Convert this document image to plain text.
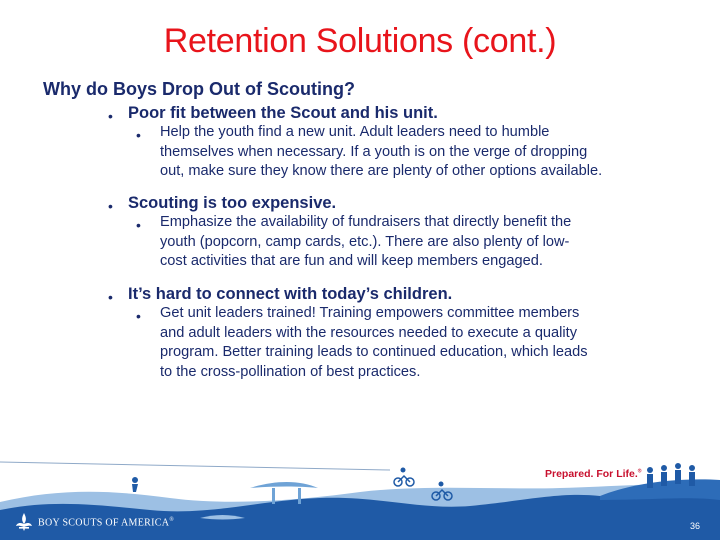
Retention Solutions (cont.)
Why do Boys Drop Out of Scouting?
• Poor fit between the Scout and his unit.
• Help the youth find a new unit. Adult leaders need to humble
themselves when necessary. If a youth is on the verge of dropping
out, make sure they know there are plenty of other options available.
• Scouting is too expensive.
• Emphasize the availability of fundraisers that directly benefit the
youth (popcorn, camp cards, etc.). There are also plenty of low-
cost activities that are fun and will keep members engaged.
• It’s hard to connect with today’s children.
• Get unit leaders trained! Training empowers committee members
and adult leaders with the resources needed to execute a quality
program. Better training leads to continued education, which leads
to the cross-pollination of best practices.
Prepared. For Life.®
BOY SCOUTS OF AMERICA®
36
